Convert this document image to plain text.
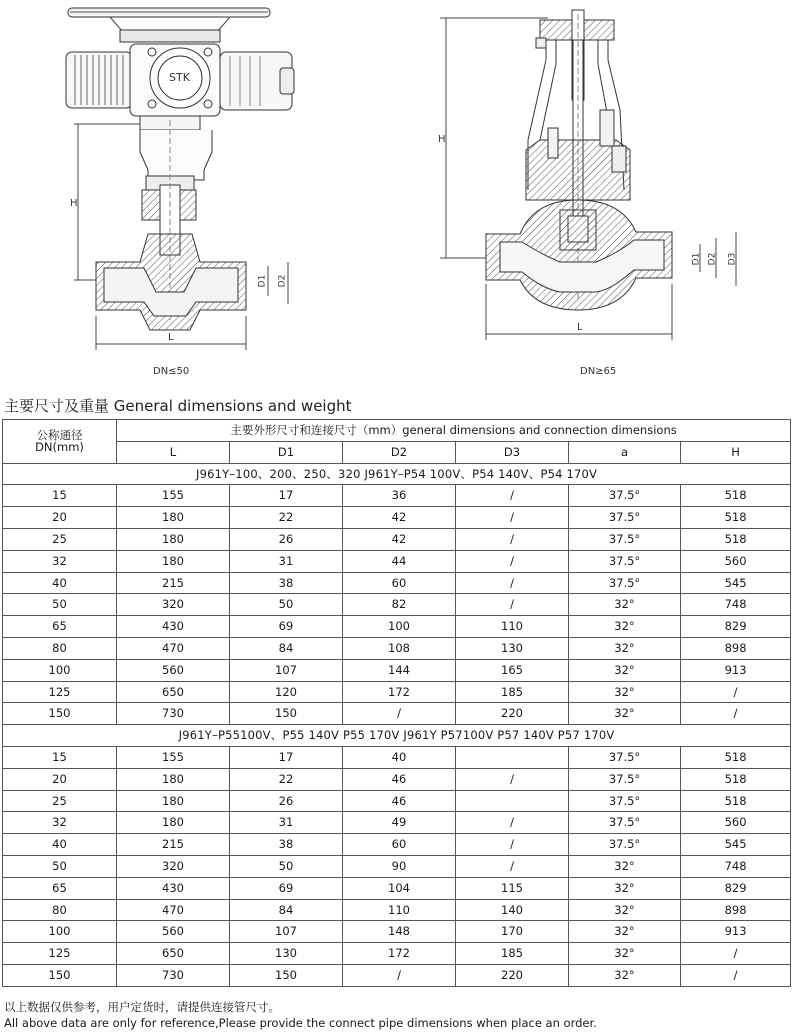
STK
H
D1 D2
L
DN≤50
H
D1 D2 D3
L
DN≥65
主要尺寸及重量 General dimensions and weight
公称通径
DN(mm)	主要外形尺寸和连接尺寸（mm）general dimensions and connection dimensions					
	L	D1	D2	D3	a	H
J961Y–100、200、250、320 J961Y–P54 100V、P54 140V、P54 170V						
15	155	17	36	/	37.5°	518
20	180	22	42	/	37.5°	518
25	180	26	42	/	37.5°	518
32	180	31	44	/	37.5°	560
40	215	38	60	/	37.5°	545
50	320	50	82	/	32°	748
65	430	69	100	110	32°	829
80	470	84	108	130	32°	898
100	560	107	144	165	32°	913
125	650	120	172	185	32°	/
150	730	150	/	220	32°	/
J961Y–P55100V、P55 140V P55 170V J961Y P57100V P57 140V P57 170V						
15	155	17	40		37.5°	518
20	180	22	46	/	37.5°	518
25	180	26	46		37.5°	518
32	180	31	49	/	37.5°	560
40	215	38	60	/	37.5°	545
50	320	50	90	/	32°	748
65	430	69	104	115	32°	829
80	470	84	110	140	32°	898
100	560	107	148	170	32°	913
125	650	130	172	185	32°	/
150	730	150	/	220	32°	/
以上数据仅供参考，用户定货时，请提供连接管尺寸。
All above data are only for reference,Please provide the connect pipe dimensions when place an order.
